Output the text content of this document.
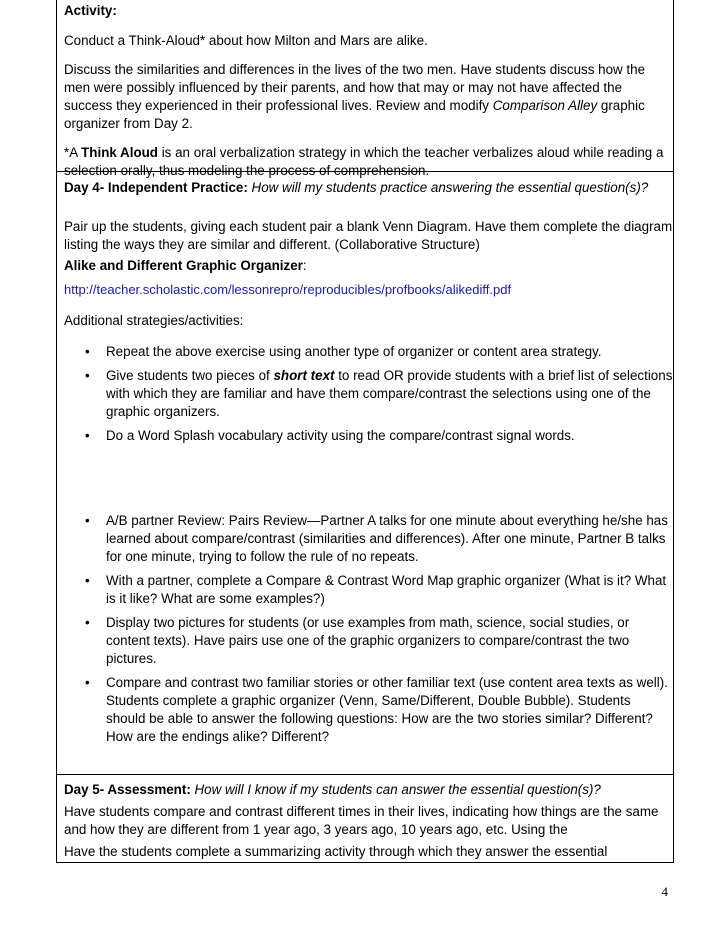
Activity:

Conduct a Think-Aloud* about how Milton and Mars are alike.

Discuss the similarities and differences in the lives of the two men. Have students discuss how the men were possibly influenced by their parents, and how that may or may not have affected the success they experienced in their professional lives. Review and modify Comparison Alley graphic organizer from Day 2.

*A Think Aloud is an oral verbalization strategy in which the teacher verbalizes aloud while reading a selection orally, thus modeling the process of comprehension.

Day 4- Independent Practice: How will my students practice answering the essential question(s)?

Pair up the students, giving each student pair a blank Venn Diagram. Have them complete the diagram listing the ways they are similar and different. (Collaborative Structure)

Alike and Different Graphic Organizer:

http://teacher.scholastic.com/lessonrepro/reproducibles/profbooks/alikediff.pdf

Additional strategies/activities:

• Repeat the above exercise using another type of organizer or content area strategy.
• Give students two pieces of short text to read OR provide students with a brief list of selections with which they are familiar and have them compare/contrast the selections using one of the graphic organizers.
• Do a Word Splash vocabulary activity using the compare/contrast signal words.
• A/B partner Review: Pairs Review—Partner A talks for one minute about everything he/she has learned about compare/contrast (similarities and differences). After one minute, Partner B talks for one minute, trying to follow the rule of no repeats.
• With a partner, complete a Compare & Contrast Word Map graphic organizer (What is it? What is it like? What are some examples?)
• Display two pictures for students (or use examples from math, science, social studies, or content texts). Have pairs use one of the graphic organizers to compare/contrast the two pictures.
• Compare and contrast two familiar stories or other familiar text (use content area texts as well). Students complete a graphic organizer (Venn, Same/Different, Double Bubble). Students should be able to answer the following questions: How are the two stories similar? Different? How are the endings alike? Different?

Day 5- Assessment: How will I know if my students can answer the essential question(s)?

Have students compare and contrast different times in their lives, indicating how things are the same and how they are different from 1 year ago, 3 years ago, 10 years ago, etc. Using the

Have the students complete a summarizing activity through which they answer the essential

4
